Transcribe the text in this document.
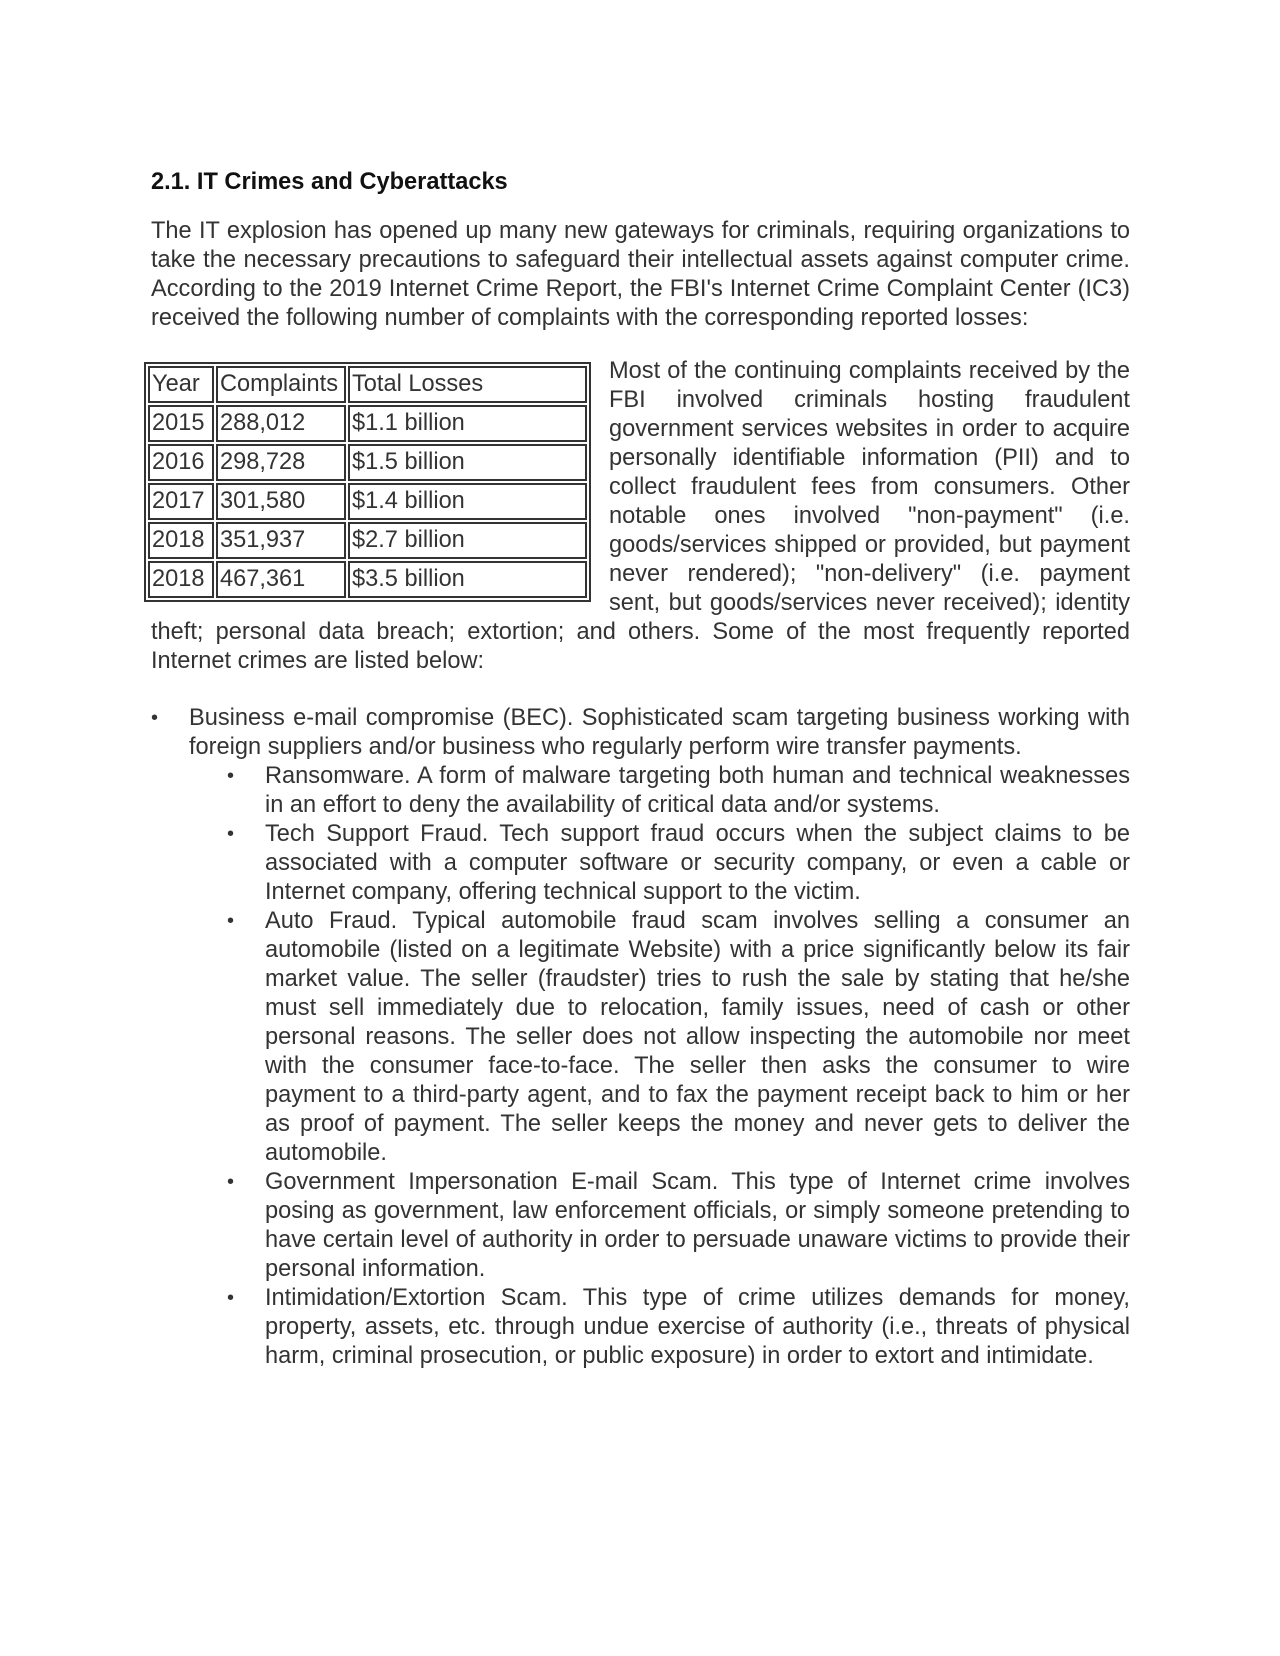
2.1. IT Crimes and Cyberattacks

The IT explosion has opened up many new gateways for criminals, requiring organizations to take the necessary precautions to safeguard their intellectual assets against computer crime. According to the 2019 Internet Crime Report, the FBI's Internet Crime Complaint Center (IC3) received the following number of complaints with the corresponding reported losses:

Year	Complaints	Total Losses
2015	288,012	$1.1 billion
2016	298,728	$1.5 billion
2017	301,580	$1.4 billion
2018	351,937	$2.7 billion
2018	467,361	$3.5 billion

Most of the continuing complaints received by the FBI involved criminals hosting fraudulent government services websites in order to acquire personally identifiable information (PII) and to collect fraudulent fees from consumers. Other notable ones involved "non-payment" (i.e. goods/services shipped or provided, but payment never rendered); "non-delivery" (i.e. payment sent, but goods/services never received); identity theft; personal data breach; extortion; and others. Some of the most frequently reported Internet crimes are listed below:

• Business e-mail compromise (BEC). Sophisticated scam targeting business working with foreign suppliers and/or business who regularly perform wire transfer payments.
• Ransomware. A form of malware targeting both human and technical weaknesses in an effort to deny the availability of critical data and/or systems.
• Tech Support Fraud. Tech support fraud occurs when the subject claims to be associated with a computer software or security company, or even a cable or Internet company, offering technical support to the victim.
• Auto Fraud. Typical automobile fraud scam involves selling a consumer an automobile (listed on a legitimate Website) with a price significantly below its fair market value. The seller (fraudster) tries to rush the sale by stating that he/she must sell immediately due to relocation, family issues, need of cash or other personal reasons. The seller does not allow inspecting the automobile nor meet with the consumer face-to-face. The seller then asks the consumer to wire payment to a third-party agent, and to fax the payment receipt back to him or her as proof of payment. The seller keeps the money and never gets to deliver the automobile.
• Government Impersonation E-mail Scam. This type of Internet crime involves posing as government, law enforcement officials, or simply someone pretending to have certain level of authority in order to persuade unaware victims to provide their personal information.
• Intimidation/Extortion Scam. This type of crime utilizes demands for money, property, assets, etc. through undue exercise of authority (i.e., threats of physical harm, criminal prosecution, or public exposure) in order to extort and intimidate.
